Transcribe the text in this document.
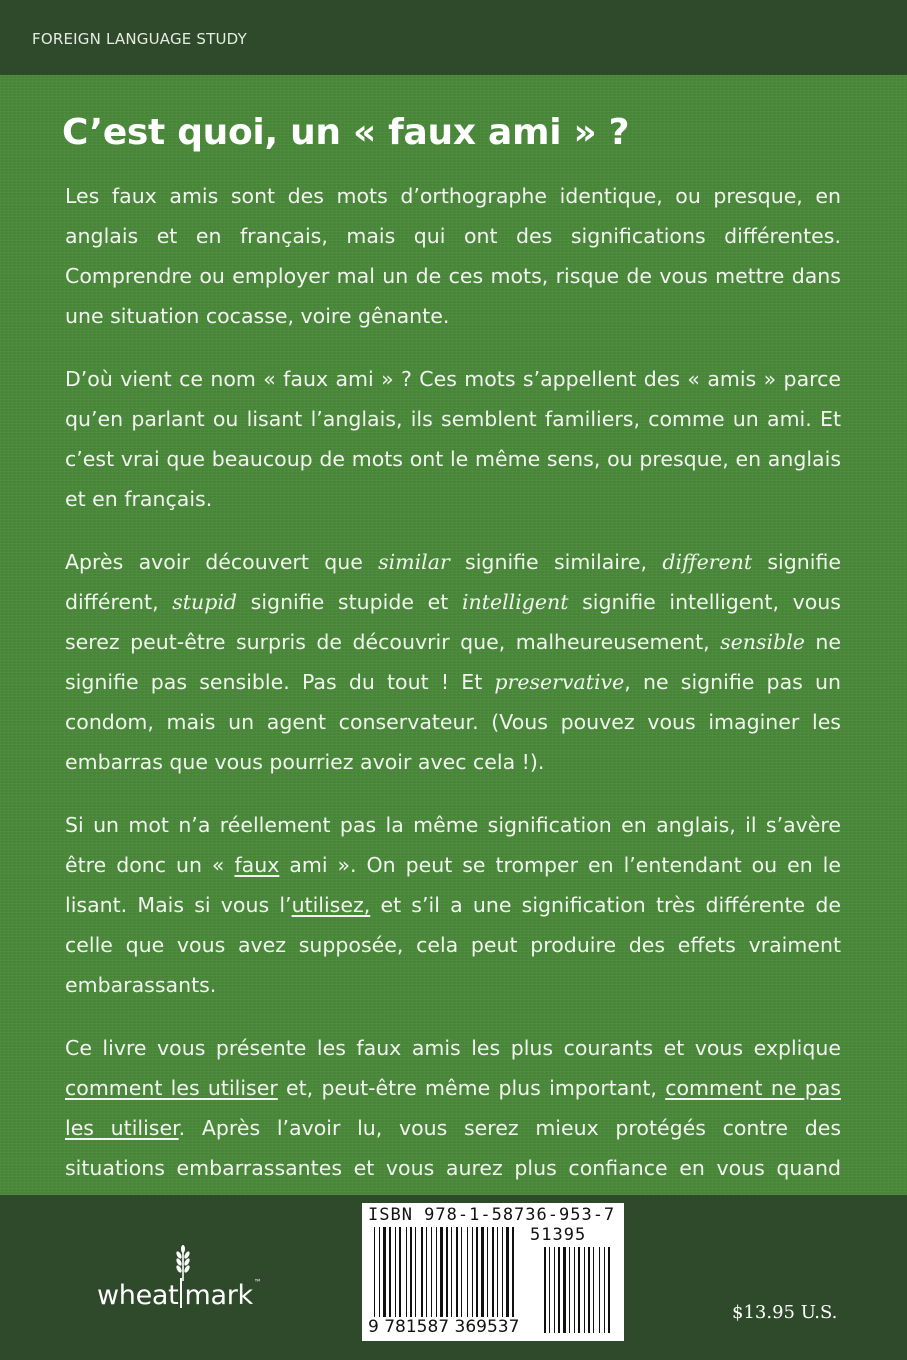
FOREIGN LANGUAGE STUDY
C’est quoi, un « faux ami » ?

Les faux amis sont des mots d’orthographe identique, ou presque, en anglais et en français, mais qui ont des significations différentes. Comprendre ou employer mal un de ces mots, risque de vous mettre dans une situation cocasse, voire gênante.

D’où vient ce nom « faux ami » ? Ces mots s’appellent des « amis » parce qu’en parlant ou lisant l’anglais, ils semblent familiers, comme un ami. Et c’est vrai que beaucoup de mots ont le même sens, ou presque, en anglais et en français.

Après avoir découvert que similar signifie similaire, different signifie différent, stupid signifie stupide et intelligent signifie intelligent, vous serez peut-être surpris de découvrir que, malheureusement, sensible ne signifie pas sensible. Pas du tout ! Et preservative, ne signifie pas un condom, mais un agent conservateur. (Vous pouvez vous imaginer les embarras que vous pourriez avoir avec cela !).

Si un mot n’a réellement pas la même signification en anglais, il s’avère être donc un « faux ami ». On peut se tromper en l’entendant ou en le lisant. Mais si vous l’utilisez, et s’il a une signification très différente de celle que vous avez supposée, cela peut produire des effets vraiment embarassants.

Ce livre vous présente les faux amis les plus courants et vous explique comment les utiliser et, peut-être même plus important, comment ne pas les utiliser. Après l’avoir lu, vous serez mieux protégés contre des situations embarrassantes et vous aurez plus confiance en vous quand

wheat mark™
ISBN 978-1-58736-953-7
51395
9 781587 369537
$13.95 U.S.
